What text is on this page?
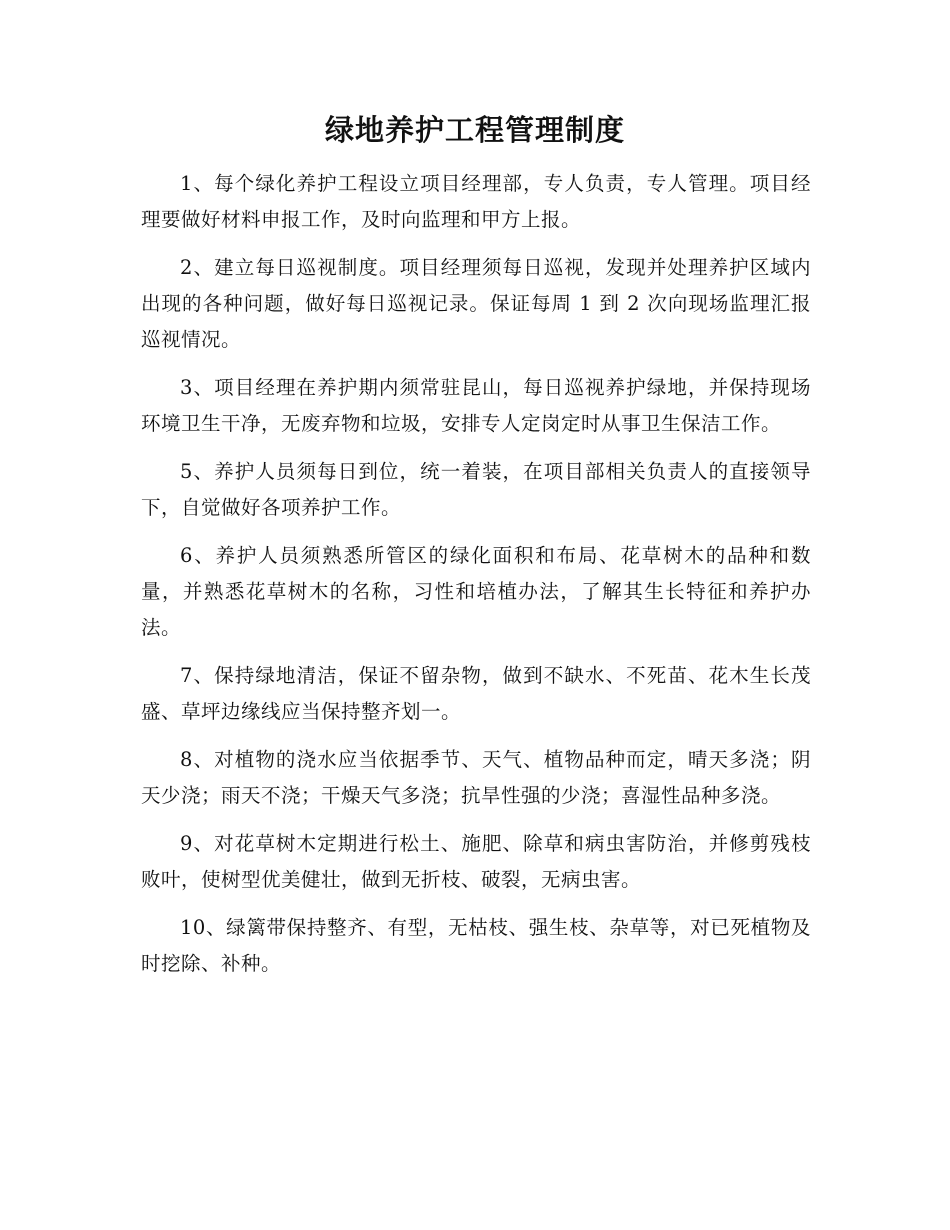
绿地养护工程管理制度

1、每个绿化养护工程设立项目经理部，专人负责，专人管理。项目经理要做好材料申报工作，及时向监理和甲方上报。

2、建立每日巡视制度。项目经理须每日巡视，发现并处理养护区域内出现的各种问题，做好每日巡视记录。保证每周 1 到 2 次向现场监理汇报巡视情况。

3、项目经理在养护期内须常驻昆山，每日巡视养护绿地，并保持现场环境卫生干净，无废弃物和垃圾，安排专人定岗定时从事卫生保洁工作。

5、养护人员须每日到位，统一着装，在项目部相关负责人的直接领导下，自觉做好各项养护工作。

6、养护人员须熟悉所管区的绿化面积和布局、花草树木的品种和数量，并熟悉花草树木的名称，习性和培植办法，了解其生长特征和养护办法。

7、保持绿地清洁，保证不留杂物，做到不缺水、不死苗、花木生长茂盛、草坪边缘线应当保持整齐划一。

8、对植物的浇水应当依据季节、天气、植物品种而定，晴天多浇；阴天少浇；雨天不浇；干燥天气多浇；抗旱性强的少浇；喜湿性品种多浇。

9、对花草树木定期进行松土、施肥、除草和病虫害防治，并修剪残枝败叶，使树型优美健壮，做到无折枝、破裂，无病虫害。

10、绿篱带保持整齐、有型，无枯枝、强生枝、杂草等，对已死植物及时挖除、补种。
